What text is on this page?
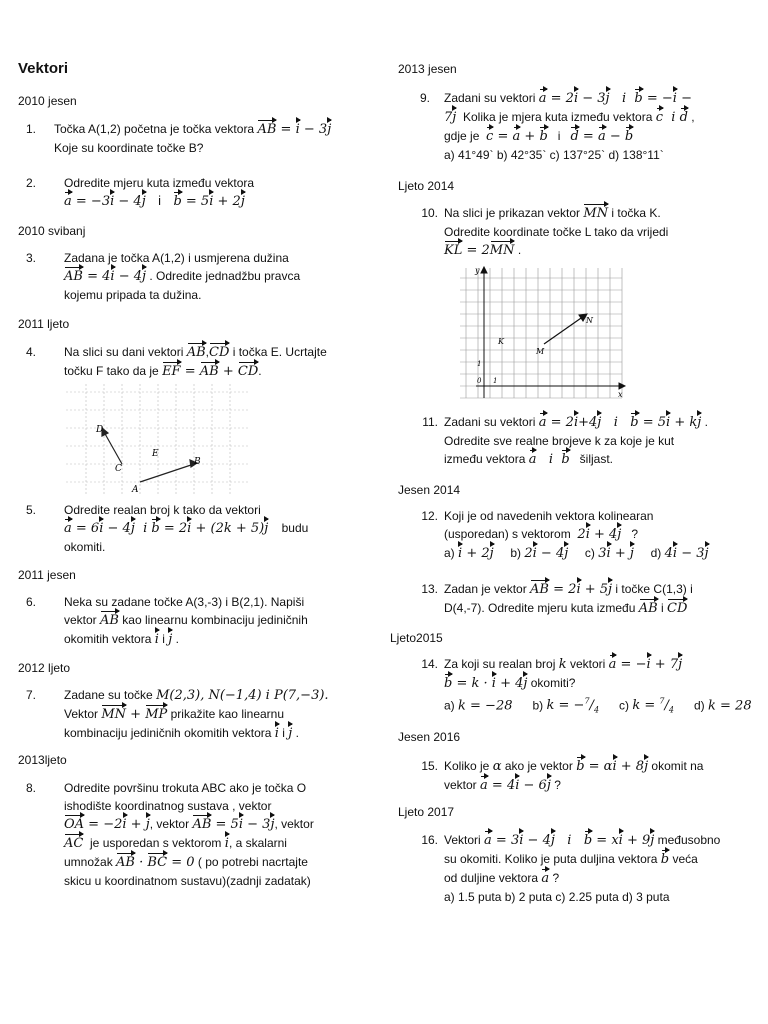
Vektori
2010 jesen
1. Točka A(1,2) početna je točka vektora AB = i − 3j
Koje su koordinate točke B?
2. Odredite mjeru kuta između vektora
a = −3i − 4j i b = 5i + 2j
2010 svibanj
3. Zadana je točka A(1,2) i usmjerena dužina
AB = 4i − 4j . Odredite jednadžbu pravca
kojemu pripada ta dužina.
2011 ljeto
4. Na slici su dani vektori AB,CD i točka E. Ucrtajte
točku F tako da je EF = AB + CD.
D
C
E
B
A
5. Odredite realan broj k tako da vektori
a = 6i − 4j  i b = 2i + (2k + 5)j budu
okomiti.
2011 jesen
6. Neka su zadane točke A(3,-3) i B(2,1). Napiši
vektor AB kao linearnu kombinaciju jediničnih
okomitih vektora i i j .
2012 ljeto
7. Zadane su točke M(2,3), N(−1,4) i P(7,−3).
Vektor MN + MP prikažite kao linearnu
kombinaciju jediničnih okomitih vektora i i j .
2013ljeto
8. Odredite površinu trokuta ABC ako je točka O
ishodište koordinatnog sustava , vektor
OA = −2i + j, vektor AB = 5i − 3j, vektor
AC je usporedan s vektorom i, a skalarni
umnožak AB · BC = 0 ( po potrebi nacrtajte
skicu u koordinatnom sustavu)(zadnji zadatak)
2013 jesen
9. Zadani su vektori a = 2i − 3j   i  b = −i −
7j Kolika je mjera kuta između vektora c  i d ,
gdje je c = a + b i d = a − b
a) 41°49` b) 42°35` c) 137°25` d) 138°11`
Ljeto 2014
10. Na slici je prikazan vektor MN i točka K.
Odredite koordinate točke L tako da vrijedi
KL = 2MN .
y
x
K
M
N
0 1
1
11. Zadani su vektori a = 2i+4j   i   b = 5i + kj .
Odredite sve realne brojeve k za koje je kut
između vektora a   i  b šiljast.
Jesen 2014
12. Koji je od navedenih vektora kolinearan
(usporedan) s vektorom 2i + 4j   ?
a) i + 2j     b) 2i − 4j     c) 3i + j     d) 4i − 3j
13. Zadan je vektor AB = 2i + 5j i točke C(1,3) i
D(4,-7). Odredite mjeru kuta između AB i CD
Ljeto2015
14. Za koji su realan broj k vektori a = −i + 7j
b = k · i + 4j okomiti?
a) k = −28      b) $k = -^7/_4$      c) $k = ^7/_4$      d) k = 28
Jesen 2016
15. Koliko je α ako je vektor b = αi + 8j okomit na
vektor a = 4i − 6j ?
Ljeto 2017
16. Vektori a = 3i − 4j   i   b = xi + 9j međusobno
su okomiti. Koliko je puta duljina vektora b veća
od duljine vektora a ?
a) 1.5 puta b) 2 puta c) 2.25 puta d) 3 puta
